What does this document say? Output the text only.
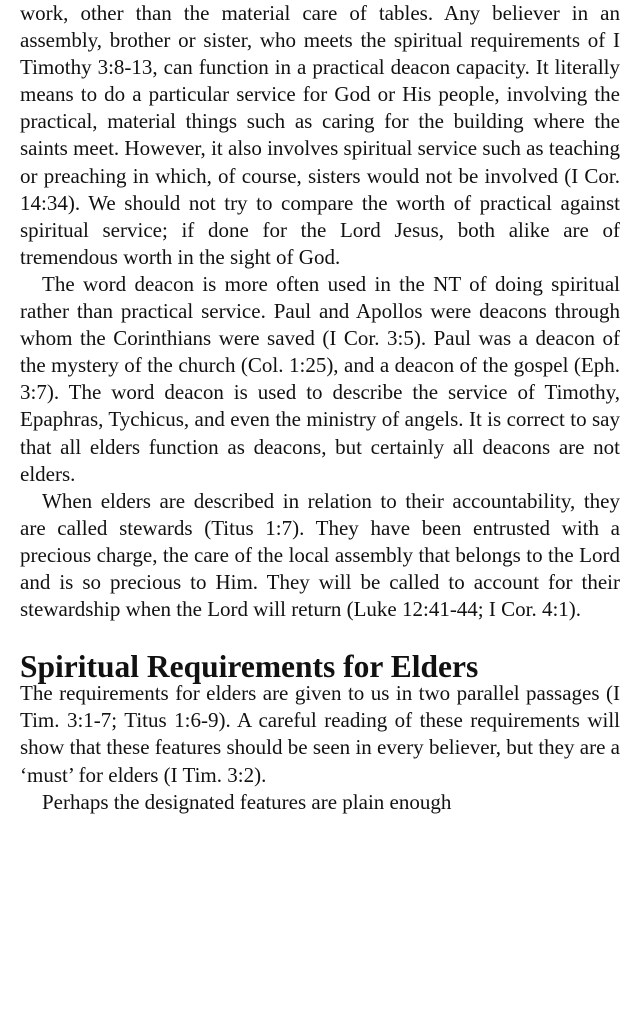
work, other than the material care of tables. Any believer in an assembly, brother or sister, who meets the spiritual requirements of I Timothy 3:8-13, can function in a practical deacon capacity. It literally means to do a particular service for God or His people, involving the practical, material things such as caring for the building where the saints meet. However, it also involves spiritual service such as teaching or preaching in which, of course, sisters would not be involved (I Cor. 14:34). We should not try to compare the worth of practical against spiritual service; if done for the Lord Jesus, both alike are of tremendous worth in the sight of God.

The word deacon is more often used in the NT of doing spiritual rather than practical service. Paul and Apollos were deacons through whom the Corinthians were saved (I Cor. 3:5). Paul was a deacon of the mystery of the church (Col. 1:25), and a deacon of the gospel (Eph. 3:7). The word deacon is used to describe the service of Timothy, Epaphras, Tychicus, and even the ministry of angels. It is correct to say that all elders function as deacons, but certainly all deacons are not elders.

When elders are described in relation to their accountability, they are called stewards (Titus 1:7). They have been entrusted with a precious charge, the care of the local assembly that belongs to the Lord and is so precious to Him. They will be called to account for their stewardship when the Lord will return (Luke 12:41-44; I Cor. 4:1).

Spiritual Requirements for Elders

The requirements for elders are given to us in two parallel passages (I Tim. 3:1-7; Titus 1:6-9). A careful reading of these requirements will show that these features should be seen in every believer, but they are a ‘must’ for elders (I Tim. 3:2).

Perhaps the designated features are plain enough
